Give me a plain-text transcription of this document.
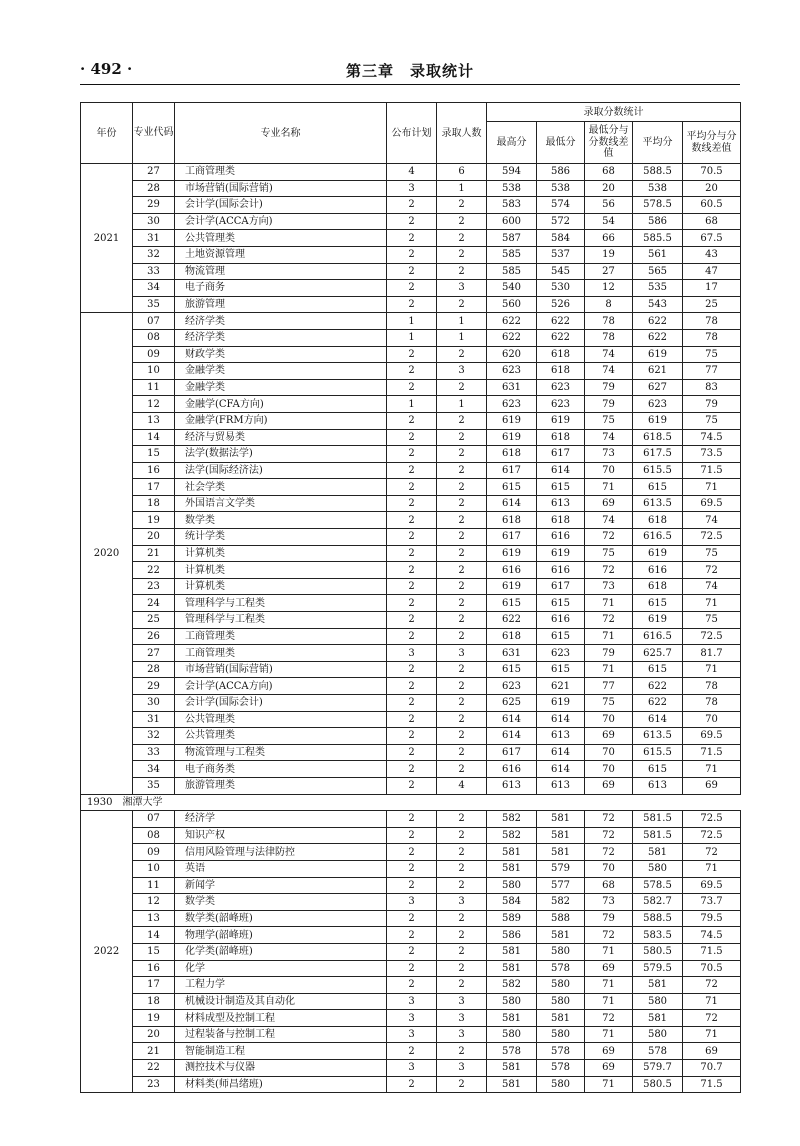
· 492 ·	第三章　录取统计
年份	专业代码	专业名称	公布计划	录取人数	录取分数统计				
					最高分	最低分	最低分与分数线差值	平均分	平均分与分数线差值
2021	27	工商管理类	4	6	594	586	68	588.5	70.5
	28	市场营销(国际营销)	3	1	538	538	20	538	20
	29	会计学(国际会计)	2	2	583	574	56	578.5	60.5
	30	会计学(ACCA方向)	2	2	600	572	54	586	68
	31	公共管理类	2	2	587	584	66	585.5	67.5
	32	土地资源管理	2	2	585	537	19	561	43
	33	物流管理	2	2	585	545	27	565	47
	34	电子商务	2	3	540	530	12	535	17
	35	旅游管理	2	2	560	526	8	543	25
2020	07	经济学类	1	1	622	622	78	622	78
	08	经济学类	1	1	622	622	78	622	78
	09	财政学类	2	2	620	618	74	619	75
	10	金融学类	2	3	623	618	74	621	77
	11	金融学类	2	2	631	623	79	627	83
	12	金融学(CFA方向)	1	1	623	623	79	623	79
	13	金融学(FRM方向)	2	2	619	619	75	619	75
	14	经济与贸易类	2	2	619	618	74	618.5	74.5
	15	法学(数据法学)	2	2	618	617	73	617.5	73.5
	16	法学(国际经济法)	2	2	617	614	70	615.5	71.5
	17	社会学类	2	2	615	615	71	615	71
	18	外国语言文学类	2	2	614	613	69	613.5	69.5
	19	数学类	2	2	618	618	74	618	74
	20	统计学类	2	2	617	616	72	616.5	72.5
	21	计算机类	2	2	619	619	75	619	75
	22	计算机类	2	2	616	616	72	616	72
	23	计算机类	2	2	619	617	73	618	74
	24	管理科学与工程类	2	2	615	615	71	615	71
	25	管理科学与工程类	2	2	622	616	72	619	75
	26	工商管理类	2	2	618	615	71	616.5	72.5
	27	工商管理类	3	3	631	623	79	625.7	81.7
	28	市场营销(国际营销)	2	2	615	615	71	615	71
	29	会计学(ACCA方向)	2	2	623	621	77	622	78
	30	会计学(国际会计)	2	2	625	619	75	622	78
	31	公共管理类	2	2	614	614	70	614	70
	32	公共管理类	2	2	614	613	69	613.5	69.5
	33	物流管理与工程类	2	2	617	614	70	615.5	71.5
	34	电子商务类	2	2	616	614	70	615	71
	35	旅游管理类	2	4	613	613	69	613	69
1930　湘潭大学									
2022	07	经济学	2	2	582	581	72	581.5	72.5
	08	知识产权	2	2	582	581	72	581.5	72.5
	09	信用风险管理与法律防控	2	2	581	581	72	581	72
	10	英语	2	2	581	579	70	580	71
	11	新闻学	2	2	580	577	68	578.5	69.5
	12	数学类	3	3	584	582	73	582.7	73.7
	13	数学类(韶峰班)	2	2	589	588	79	588.5	79.5
	14	物理学(韶峰班)	2	2	586	581	72	583.5	74.5
	15	化学类(韶峰班)	2	2	581	580	71	580.5	71.5
	16	化学	2	2	581	578	69	579.5	70.5
	17	工程力学	2	2	582	580	71	581	72
	18	机械设计制造及其自动化	3	3	580	580	71	580	71
	19	材料成型及控制工程	3	3	581	581	72	581	72
	20	过程装备与控制工程	3	3	580	580	71	580	71
	21	智能制造工程	2	2	578	578	69	578	69
	22	测控技术与仪器	3	3	581	578	69	579.7	70.7
	23	材料类(师昌绪班)	2	2	581	580	71	580.5	71.5
